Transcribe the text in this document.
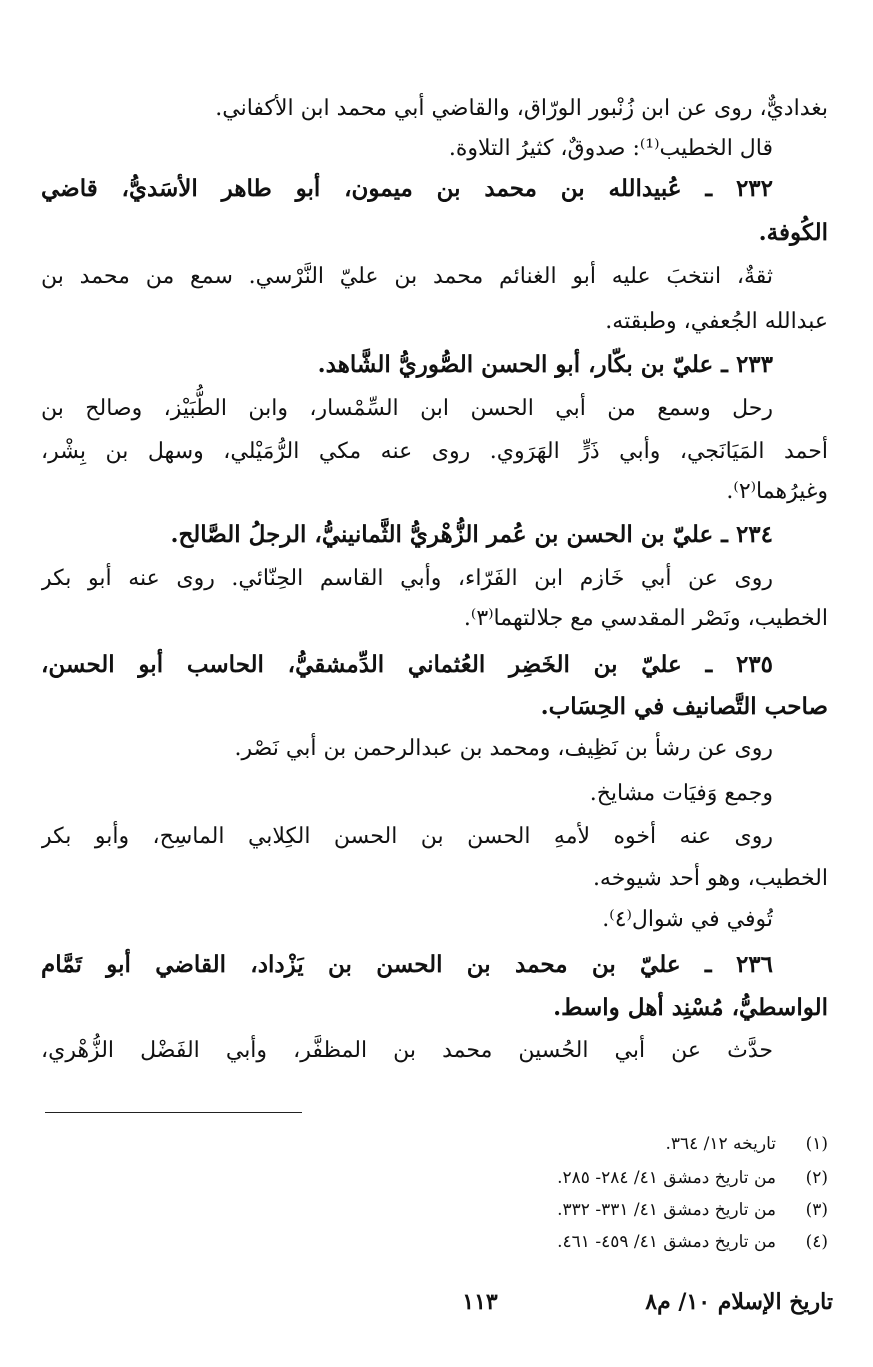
بغداديٌّ، روى عن ابن زُنْبور الورّاق، والقاضي أبي محمد ابن الأكفاني.
قال الخطيب⁽¹⁾: صدوقٌ، كثيرُ التلاوة.
٢٣٢ ـ عُبيدالله بن محمد بن ميمون، أبو طاهر الأسَديُّ، قاضي
الكُوفة.
ثقةٌ، انتخبَ عليه أبو الغنائم محمد بن عليّ النَّرْسي. سمع من محمد بن
عبدالله الجُعفي، وطبقته.
٢٣٣ ـ عليّ بن بكّار، أبو الحسن الصُّوريُّ الشَّاهد.
رحل وسمع من أبي الحسن ابن السِّمْسار، وابن الطُّبَيْز، وصالح بن
أحمد المَيَانَجي، وأبي ذَرٍّ الهَرَوي. روى عنه مكي الرُّمَيْلي، وسهل بن بِشْر،
وغيرُهما⁽٢⁾.
٢٣٤ ـ عليّ بن الحسن بن عُمر الزُّهْريُّ الثَّمانينيُّ، الرجلُ الصَّالح.
روى عن أبي خَازم ابن الفَرّاء، وأبي القاسم الحِنّائي. روى عنه أبو بكر
الخطيب، ونَصْر المقدسي مع جلالتهما⁽٣⁾.
٢٣٥ ـ عليّ بن الخَضِر العُثماني الدِّمشقيُّ، الحاسب أبو الحسن،
صاحب التَّصانيف في الحِسَاب.
روى عن رشأ بن نَظِيف، ومحمد بن عبدالرحمن بن أبي نَصْر.
وجمع وَفيَات مشايخ.
روى عنه أخوه لأمهِ الحسن بن الحسن الكِلابي الماسِح، وأبو بكر
الخطيب، وهو أحد شيوخه.
تُوفي في شوال⁽٤⁾.
٢٣٦ ـ عليّ بن محمد بن الحسن بن يَزْداد، القاضي أبو تَمَّام
الواسطيُّ، مُسْنِد أهل واسط.
حدَّث عن أبي الحُسين محمد بن المظفَّر، وأبي الفَضْل الزُّهْري،
(١)تاريخه ١٢/ ٣٦٤.
(٢)من تاريخ دمشق ٤١/ ٢٨٤- ٢٨٥.
(٣)من تاريخ دمشق ٤١/ ٣٣١- ٣٣٢.
(٤)من تاريخ دمشق ٤١/ ٤٥٩- ٤٦١.
تاريخ الإسلام ١٠/ م٨
١١٣
